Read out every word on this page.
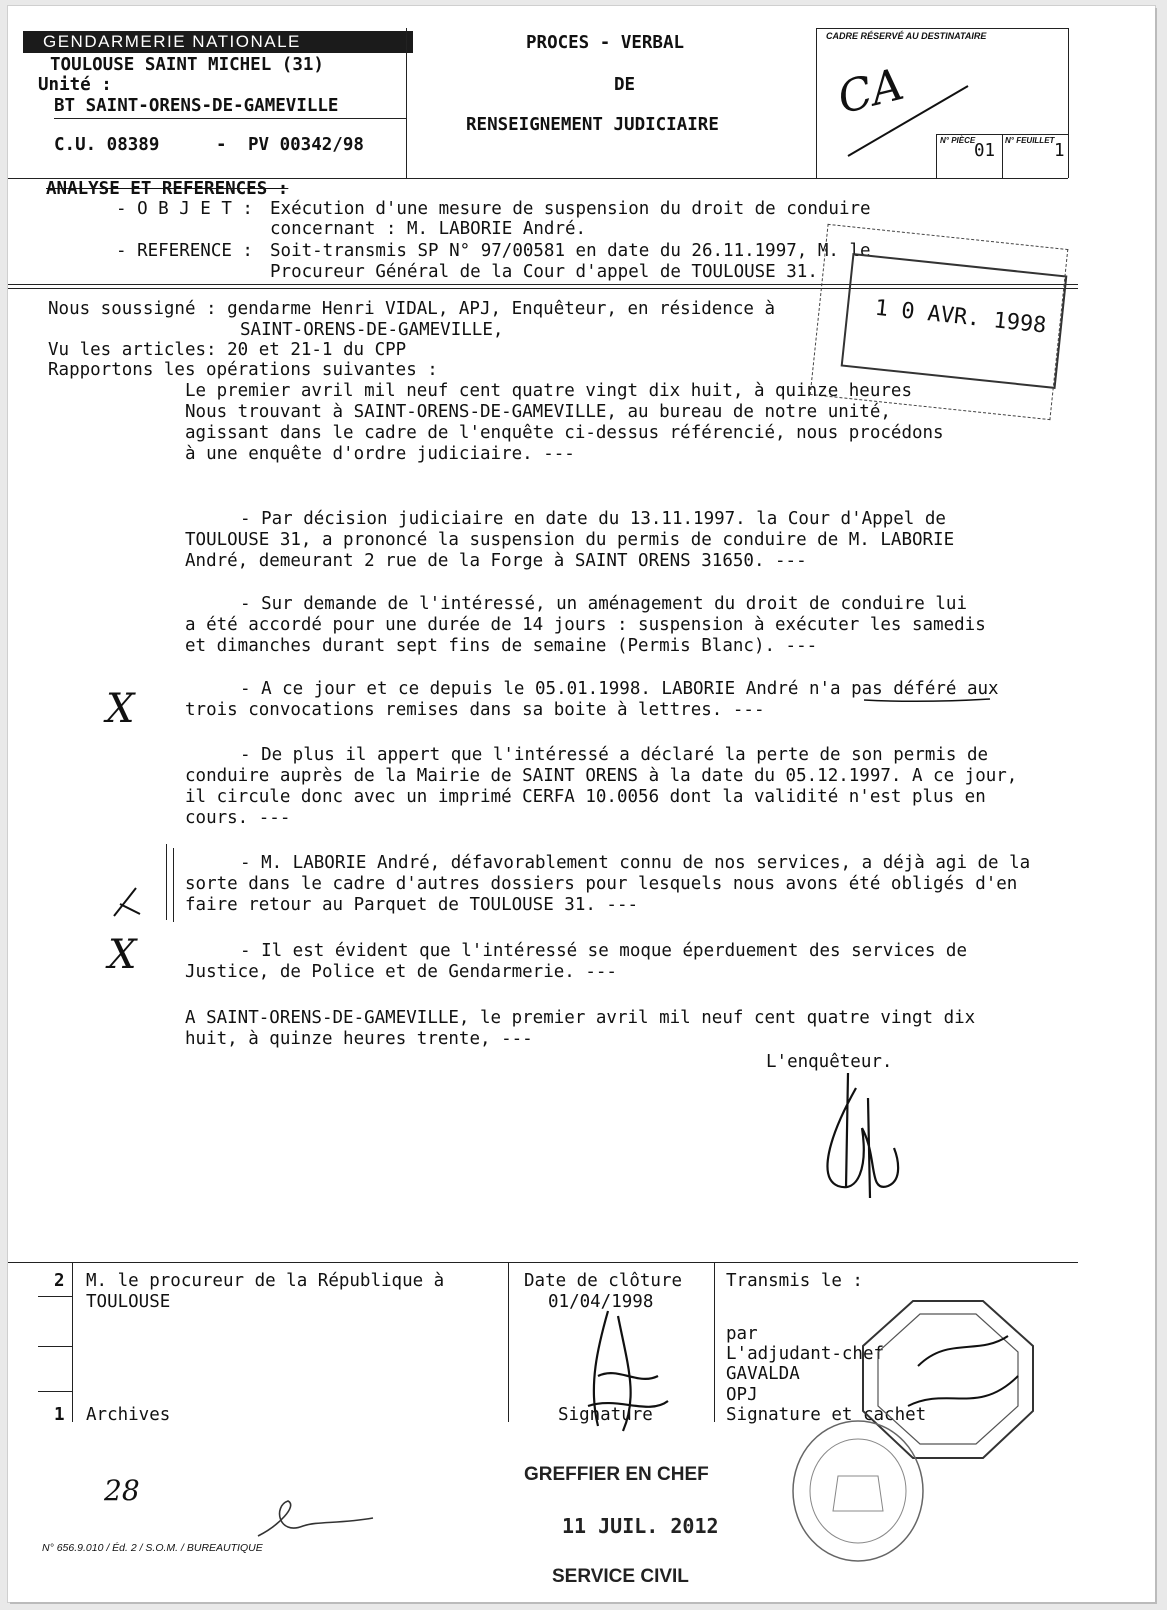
GENDARMERIE NATIONALE
TOULOUSE SAINT MICHEL (31)
Unité :
BT SAINT-ORENS-DE-GAMEVILLE
C.U. 08389	- PV 00342/98
PROCES - VERBAL
DE
RENSEIGNEMENT JUDICIAIRE
CADRE RÉSERVÉ AU DESTINATAIRE
CA
N° PIÈCE
01
N° FEUILLET
1
ANALYSE ET REFERENCES :
- O B J E T : Exécution d'une mesure de suspension du droit de conduire
concernant : M. LABORIE André.
- REFERENCE : Soit-transmis SP N° 97/00581 en date du 26.11.1997, M. le
Procureur Général de la Cour d'appel de TOULOUSE 31.
1 0 AVR. 1998
Nous soussigné : gendarme Henri VIDAL, APJ, Enquêteur, en résidence à
SAINT-ORENS-DE-GAMEVILLE,
Vu les articles: 20 et 21-1 du CPP
Rapportons les opérations suivantes :
Le premier avril mil neuf cent quatre vingt dix huit, à quinze heures
Nous trouvant à SAINT-ORENS-DE-GAMEVILLE, au bureau de notre unité,
agissant dans le cadre de l'enquête ci-dessus référencié, nous procédons
à une enquête d'ordre judiciaire. ---
- Par décision judiciaire en date du 13.11.1997. la Cour d'Appel de
TOULOUSE 31, a prononcé la suspension du permis de conduire de M. LABORIE
André, demeurant 2 rue de la Forge à SAINT ORENS 31650. ---
- Sur demande de l'intéressé, un aménagement du droit de conduire lui
a été accordé pour une durée de 14 jours : suspension à exécuter les samedis
et dimanches durant sept fins de semaine (Permis Blanc). ---
- A ce jour et ce depuis le 05.01.1998. LABORIE André n'a pas déféré aux
trois convocations remises dans sa boite à lettres. ---
X
- De plus il appert que l'intéressé a déclaré la perte de son permis de
conduire auprès de la Mairie de SAINT ORENS à la date du 05.12.1997. A ce jour,
il circule donc avec un imprimé CERFA 10.0056 dont la validité n'est plus en
cours. ---
- M. LABORIE André, défavorablement connu de nos services, a déjà agi de la
sorte dans le cadre d'autres dossiers pour lesquels nous avons été obligés d'en
faire retour au Parquet de TOULOUSE 31. ---
- Il est évident que l'intéressé se moque éperduement des services de
Justice, de Police et de Gendarmerie. ---
X
A SAINT-ORENS-DE-GAMEVILLE, le premier avril mil neuf cent quatre vingt dix
huit, à quinze heures trente, ---
L'enquêteur.
2 M. le procureur de la République à
TOULOUSE
1 Archives
Date de clôture
01/04/1998
Signature
Transmis le :
par
L'adjudant-chef
GAVALDA
OPJ
Signature et cachet
28
N° 656.9.010 / Éd. 2 / S.O.M. / BUREAUTIQUE
GREFFIER EN CHEF
11 JUIL. 2012
SERVICE CIVIL
